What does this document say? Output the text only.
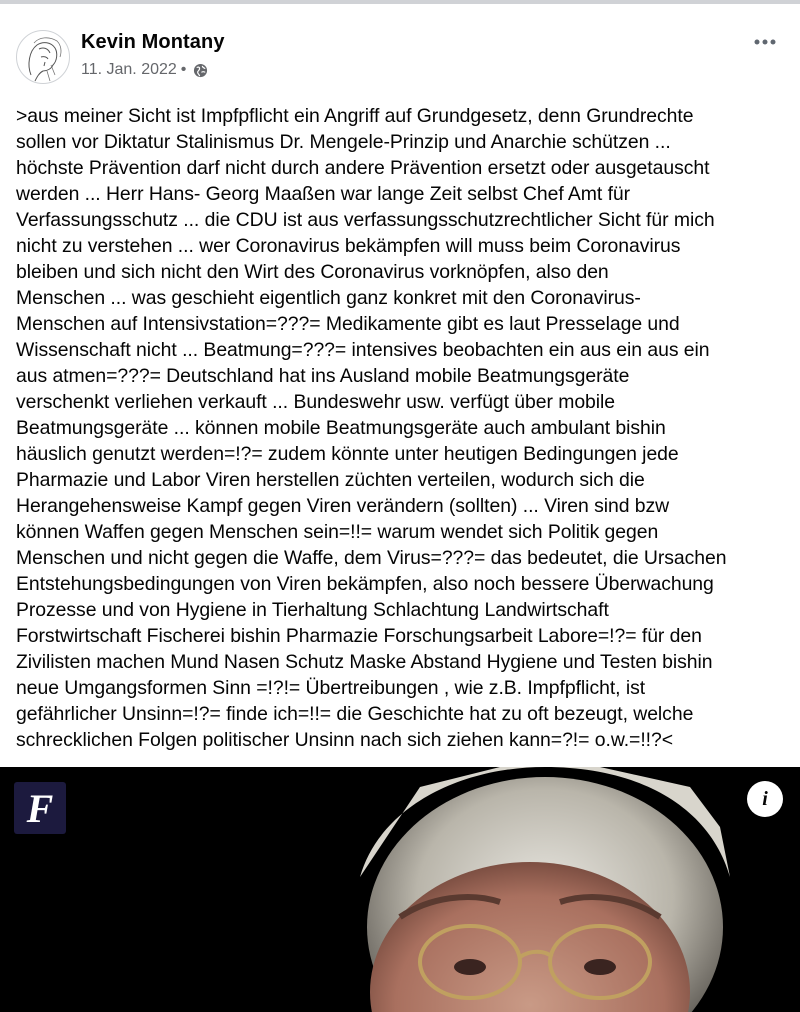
Kevin Montany
11. Jan. 2022 •
>aus meiner Sicht ist Impfpflicht ein Angriff auf Grundgesetz, denn Grundrechte
sollen vor Diktatur Stalinismus Dr. Mengele-Prinzip und Anarchie schützen ...
höchste Prävention darf nicht durch andere Prävention ersetzt oder ausgetauscht
werden ... Herr Hans- Georg Maaßen war lange Zeit selbst Chef Amt für
Verfassungsschutz ... die CDU ist aus verfassungsschutzrechtlicher Sicht für mich
nicht zu verstehen ... wer Coronavirus bekämpfen will muss beim Coronavirus
bleiben und sich nicht den Wirt des Coronavirus vorknöpfen, also den
Menschen ... was geschieht eigentlich ganz konkret mit den Coronavirus-
Menschen auf Intensivstation=???= Medikamente gibt es laut Presselage und
Wissenschaft nicht ... Beatmung=???= intensives beobachten ein aus ein aus ein
aus atmen=???= Deutschland hat ins Ausland mobile Beatmungsgeräte
verschenkt verliehen verkauft ... Bundeswehr usw. verfügt über mobile
Beatmungsgeräte ... können mobile Beatmungsgeräte auch ambulant bishin
häuslich genutzt werden=!?= zudem könnte unter heutigen Bedingungen jede
Pharmazie und Labor Viren herstellen züchten verteilen, wodurch sich die
Herangehensweise Kampf gegen Viren verändern (sollten) ... Viren sind bzw
können Waffen gegen Menschen sein=!!= warum wendet sich Politik gegen
Menschen und nicht gegen die Waffe, dem Virus=???= das bedeutet, die Ursachen
Entstehungsbedingungen von Viren bekämpfen, also noch bessere Überwachung
Prozesse und von Hygiene in Tierhaltung Schlachtung Landwirtschaft
Forstwirtschaft Fischerei bishin Pharmazie Forschungsarbeit Labore=!?= für den
Zivilisten machen Mund Nasen Schutz Maske Abstand Hygiene und Testen bishin
neue Umgangsformen Sinn =!?!= Übertreibungen , wie z.B. Impfpflicht, ist
gefährlicher Unsinn=!?= finde ich=!!= die Geschichte hat zu oft bezeugt, welche
schrecklichen Folgen politischer Unsinn nach sich ziehen kann=?!= o.w.=!!?<
F	i
